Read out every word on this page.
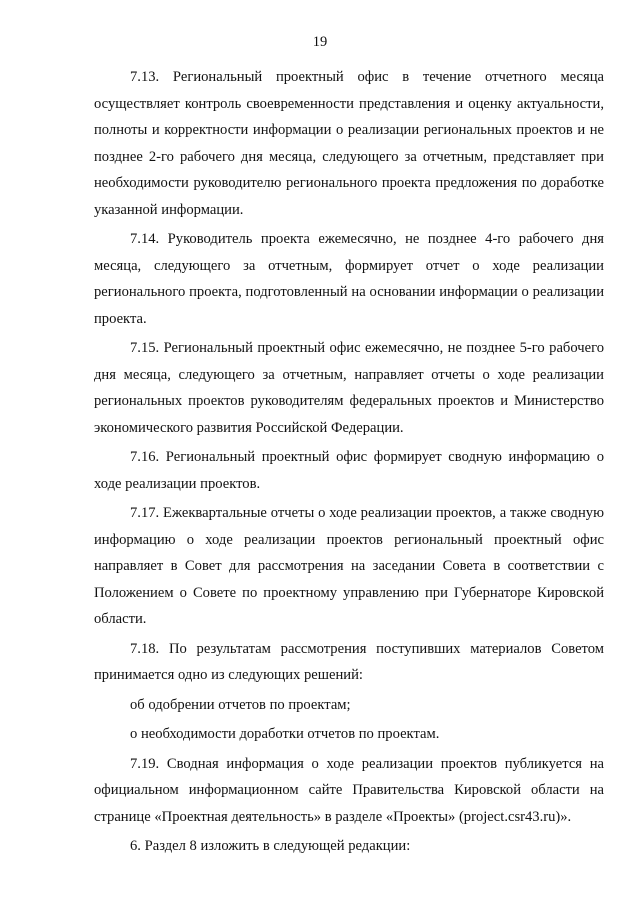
19

7.13. Региональный проектный офис в течение отчетного месяца осуществляет контроль своевременности представления и оценку актуальности, полноты и корректности информации о реализации региональных проектов и не позднее 2-го рабочего дня месяца, следующего за отчетным, представляет при необходимости руководителю регионального проекта предложения по доработке указанной информации.

7.14. Руководитель проекта ежемесячно, не позднее 4-го рабочего дня месяца, следующего за отчетным, формирует отчет о ходе реализации регионального проекта, подготовленный на основании информации о реализации проекта.

7.15. Региональный проектный офис ежемесячно, не позднее 5-го рабочего дня месяца, следующего за отчетным, направляет отчеты о ходе реализации региональных проектов руководителям федеральных проектов и Министерство экономического развития Российской Федерации.

7.16. Региональный проектный офис формирует сводную информацию о ходе реализации проектов.

7.17. Ежеквартальные отчеты о ходе реализации проектов, а также сводную информацию о ходе реализации проектов региональный проектный офис направляет в Совет для рассмотрения на заседании Совета в соответствии с Положением о Совете по проектному управлению при Губернаторе Кировской области.

7.18. По результатам рассмотрения поступивших материалов Советом принимается одно из следующих решений:

об одобрении отчетов по проектам;

о необходимости доработки отчетов по проектам.

7.19. Сводная информация о ходе реализации проектов публикуется на официальном информационном сайте Правительства Кировской области на странице «Проектная деятельность» в разделе «Проекты» (project.csr43.ru)».

6. Раздел 8 изложить в следующей редакции:
